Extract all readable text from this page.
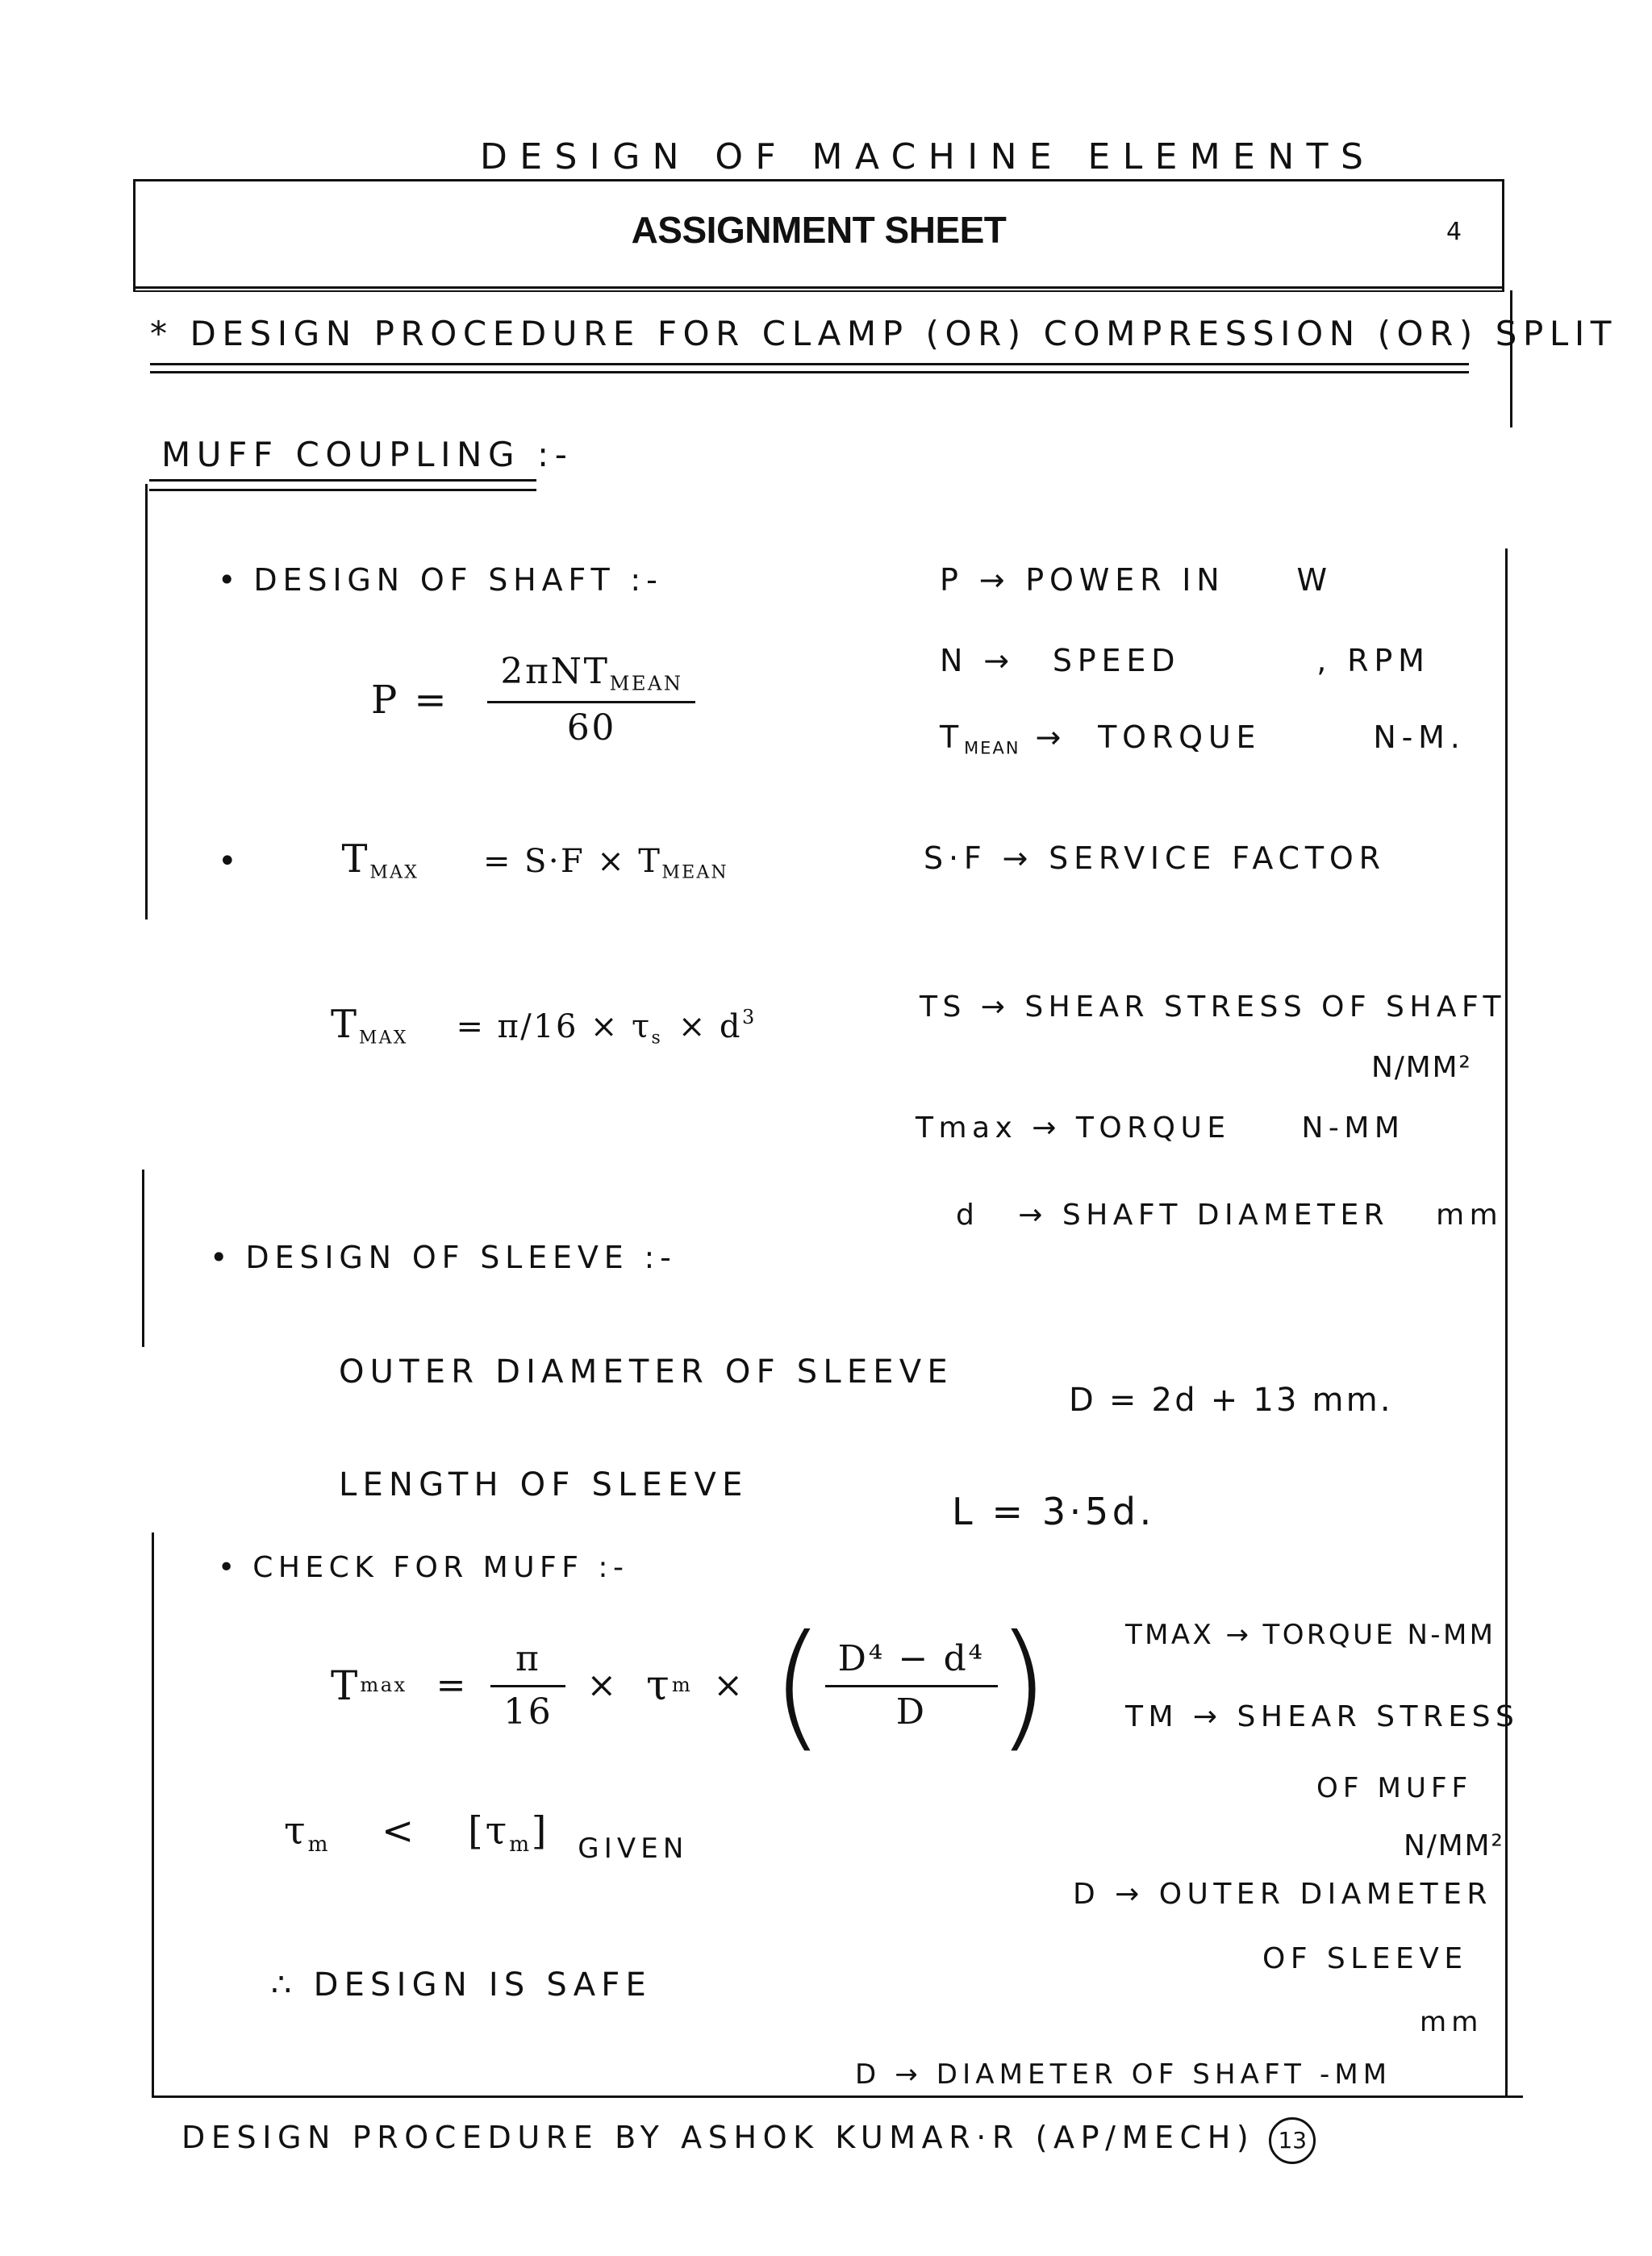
DESIGN OF MACHINE ELEMENTS
ASSIGNMENT SHEET	4
* DESIGN PROCEDURE FOR CLAMP (OR) COMPRESSION (OR) SPLIT
MUFF COUPLING :-
• DESIGN OF SHAFT :-
$P = \frac{2\pi NT_{MEAN}}{60}$
•	$T_{MAX} = S\cdot F \times T_{MEAN}$
$T_{MAX} = \pi/16 \times \tau_s \times d^3$
P → POWER IN W
N → SPEED	, RPM
$T_{MEAN}$ → TORQUE	N-M.
S·F → SERVICE FACTOR
ΤS → SHEAR STRESS OF SHAFT
N/MM²
Tmax → TORQUE N-MM
d → SHAFT DIAMETER mm
• DESIGN OF SLEEVE :-
OUTER DIAMETER OF SLEEVE
D = 2d + 13 mm.
LENGTH OF SLEEVE
L = 3·5d.
• CHECK FOR MUFF :-
T $\max = \frac{\pi}{16} \times \tau$ m × ( $\frac{\text{D⁴ − d⁴}}{D}$ )
$\tau_m < [\tau_m]$ $_{GIVEN}$
∴ DESIGN IS SAFE
TMAX → TORQUE N-MM
ΤM → SHEAR STRESS
OF MUFF
N/MM²
D → OUTER DIAMETER
OF SLEEVE
mm
D → DIAMETER OF SHAFT -MM
DESIGN PROCEDURE BY ASHOK KUMAR·R (AP/MECH) 13
